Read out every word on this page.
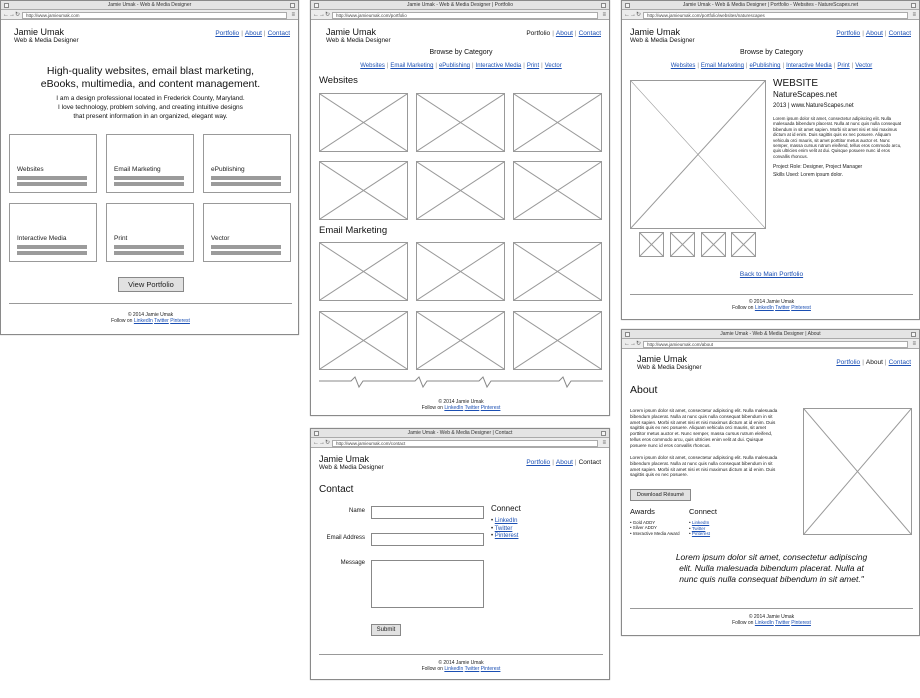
Jamie Umak - Web & Media Designer
← → ↻	http://www.jamieumak.com	≡
Jamie Umak
Web & Media Designer
Portfolio | About | Contact
High-quality websites, email blast marketing,
eBooks, multimedia, and content management.
I am a design professional located in Frederick County, Maryland.
I love technology, problem solving, and creating intuitive designs
that present information in an organized, elegant way.
View Portfolio
© 2014 Jamie Umak
Follow on LinkedIn Twitter Pinterest
Websites	Email Marketing	ePublishing
Interactive Media	Print	Vector
Jamie Umak - Web & Media Designer | Portfolio
← → ↻	http://www.jamieumak.com/portfolio	≡
Jamie Umak
Web & Media Designer
Portfolio | About | Contact
Browse by Category
Websites | Email Marketing | ePublishing | Interactive Media | Print | Vector
Websites
Email Marketing
© 2014 Jamie Umak
Follow on LinkedIn Twitter Pinterest
Jamie Umak - Web & Media Designer | Portfolio - Websites - NatureScapes.net
← → ↻	http://www.jamieumak.com/portfolio/websites/naturescapes	≡
Jamie Umak
Web & Media Designer
Portfolio | About | Contact
Browse by Category
Websites | Email Marketing | ePublishing | Interactive Media | Print | Vector
WEBSITE
NatureScapes.net
2013 | www.NatureScapes.net
Lorem ipsum dolor sit amet, consectetur adipiscing elit. Nulla
malesuada bibendum placerat. Nulla at nunc quis nulla consequat
bibendum in sit amet sapien. Morbi sit amet nisi et nisi maximus
dictum at id enim. Duis sagittis quis ex nec posuere. Aliquam
vehicula orci mauris, sit amet porttitor metus auctor et. Nunc
semper, massa cursus rutrum eleifend, tellus eros commodo arcu,
quis ultricies enim velit at dui. Quisque posuere nunc id eros
convallis rhoncus.
Project Role: Designer, Project Manager
Skills Used: Lorem ipsum dolor.
Back to Main Portfolio
© 2014 Jamie Umak
Follow on LinkedIn Twitter Pinterest
Jamie Umak - Web & Media Designer | Contact
← → ↻	http://www.jamieumak.com/contact	≡
Jamie Umak
Web & Media Designer
Portfolio | About | Contact
Contact
Name
Email Address
Message
Submit
Connect
• LinkedIn
• Twitter
• Pinterest
© 2014 Jamie Umak
Follow on LinkedIn Twitter Pinterest
Jamie Umak - Web & Media Designer | About
← → ↻	http://www.jamieumak.com/about	≡
Jamie Umak
Web & Media Designer
Portfolio | About | Contact
About
Lorem ipsum dolor sit amet, consectetur adipiscing elit. Nulla malesuada
bibendum placerat. Nulla at nunc quis nulla consequat bibendum in sit
amet sapien. Morbi sit amet nisi et nisi maximus dictum at id enim. Duis
sagittis quis ex nec posuere. Aliquam vehicula orci mauris, sit amet
porttitor metus auctor et. Nunc semper, massa cursus rutrum eleifend,
tellus eros commodo arcu, quis ultricies enim velit at dui. Quisque
posuere nunc id eros convallis rhoncus.
Lorem ipsum dolor sit amet, consectetur adipiscing elit. Nulla malesuada
bibendum placerat. Nulla at nunc quis nulla consequat bibendum in sit
amet sapien. Morbi sit amet nisi et nisi maximus dictum at id enim. Duis
sagittis quis ex nec posuere.
Download Résumé
Awards
• Gold ADDY
• Silver ADDY
• Interactive Media Award
Connect
• LinkedIn
• Twitter
• Pinterest
Lorem ipsum dolor sit amet, consectetur adipiscing
elit. Nulla malesuada bibendum placerat. Nulla at
nunc quis nulla consequat bibendum in sit amet."
© 2014 Jamie Umak
Follow on LinkedIn Twitter Pinterest
